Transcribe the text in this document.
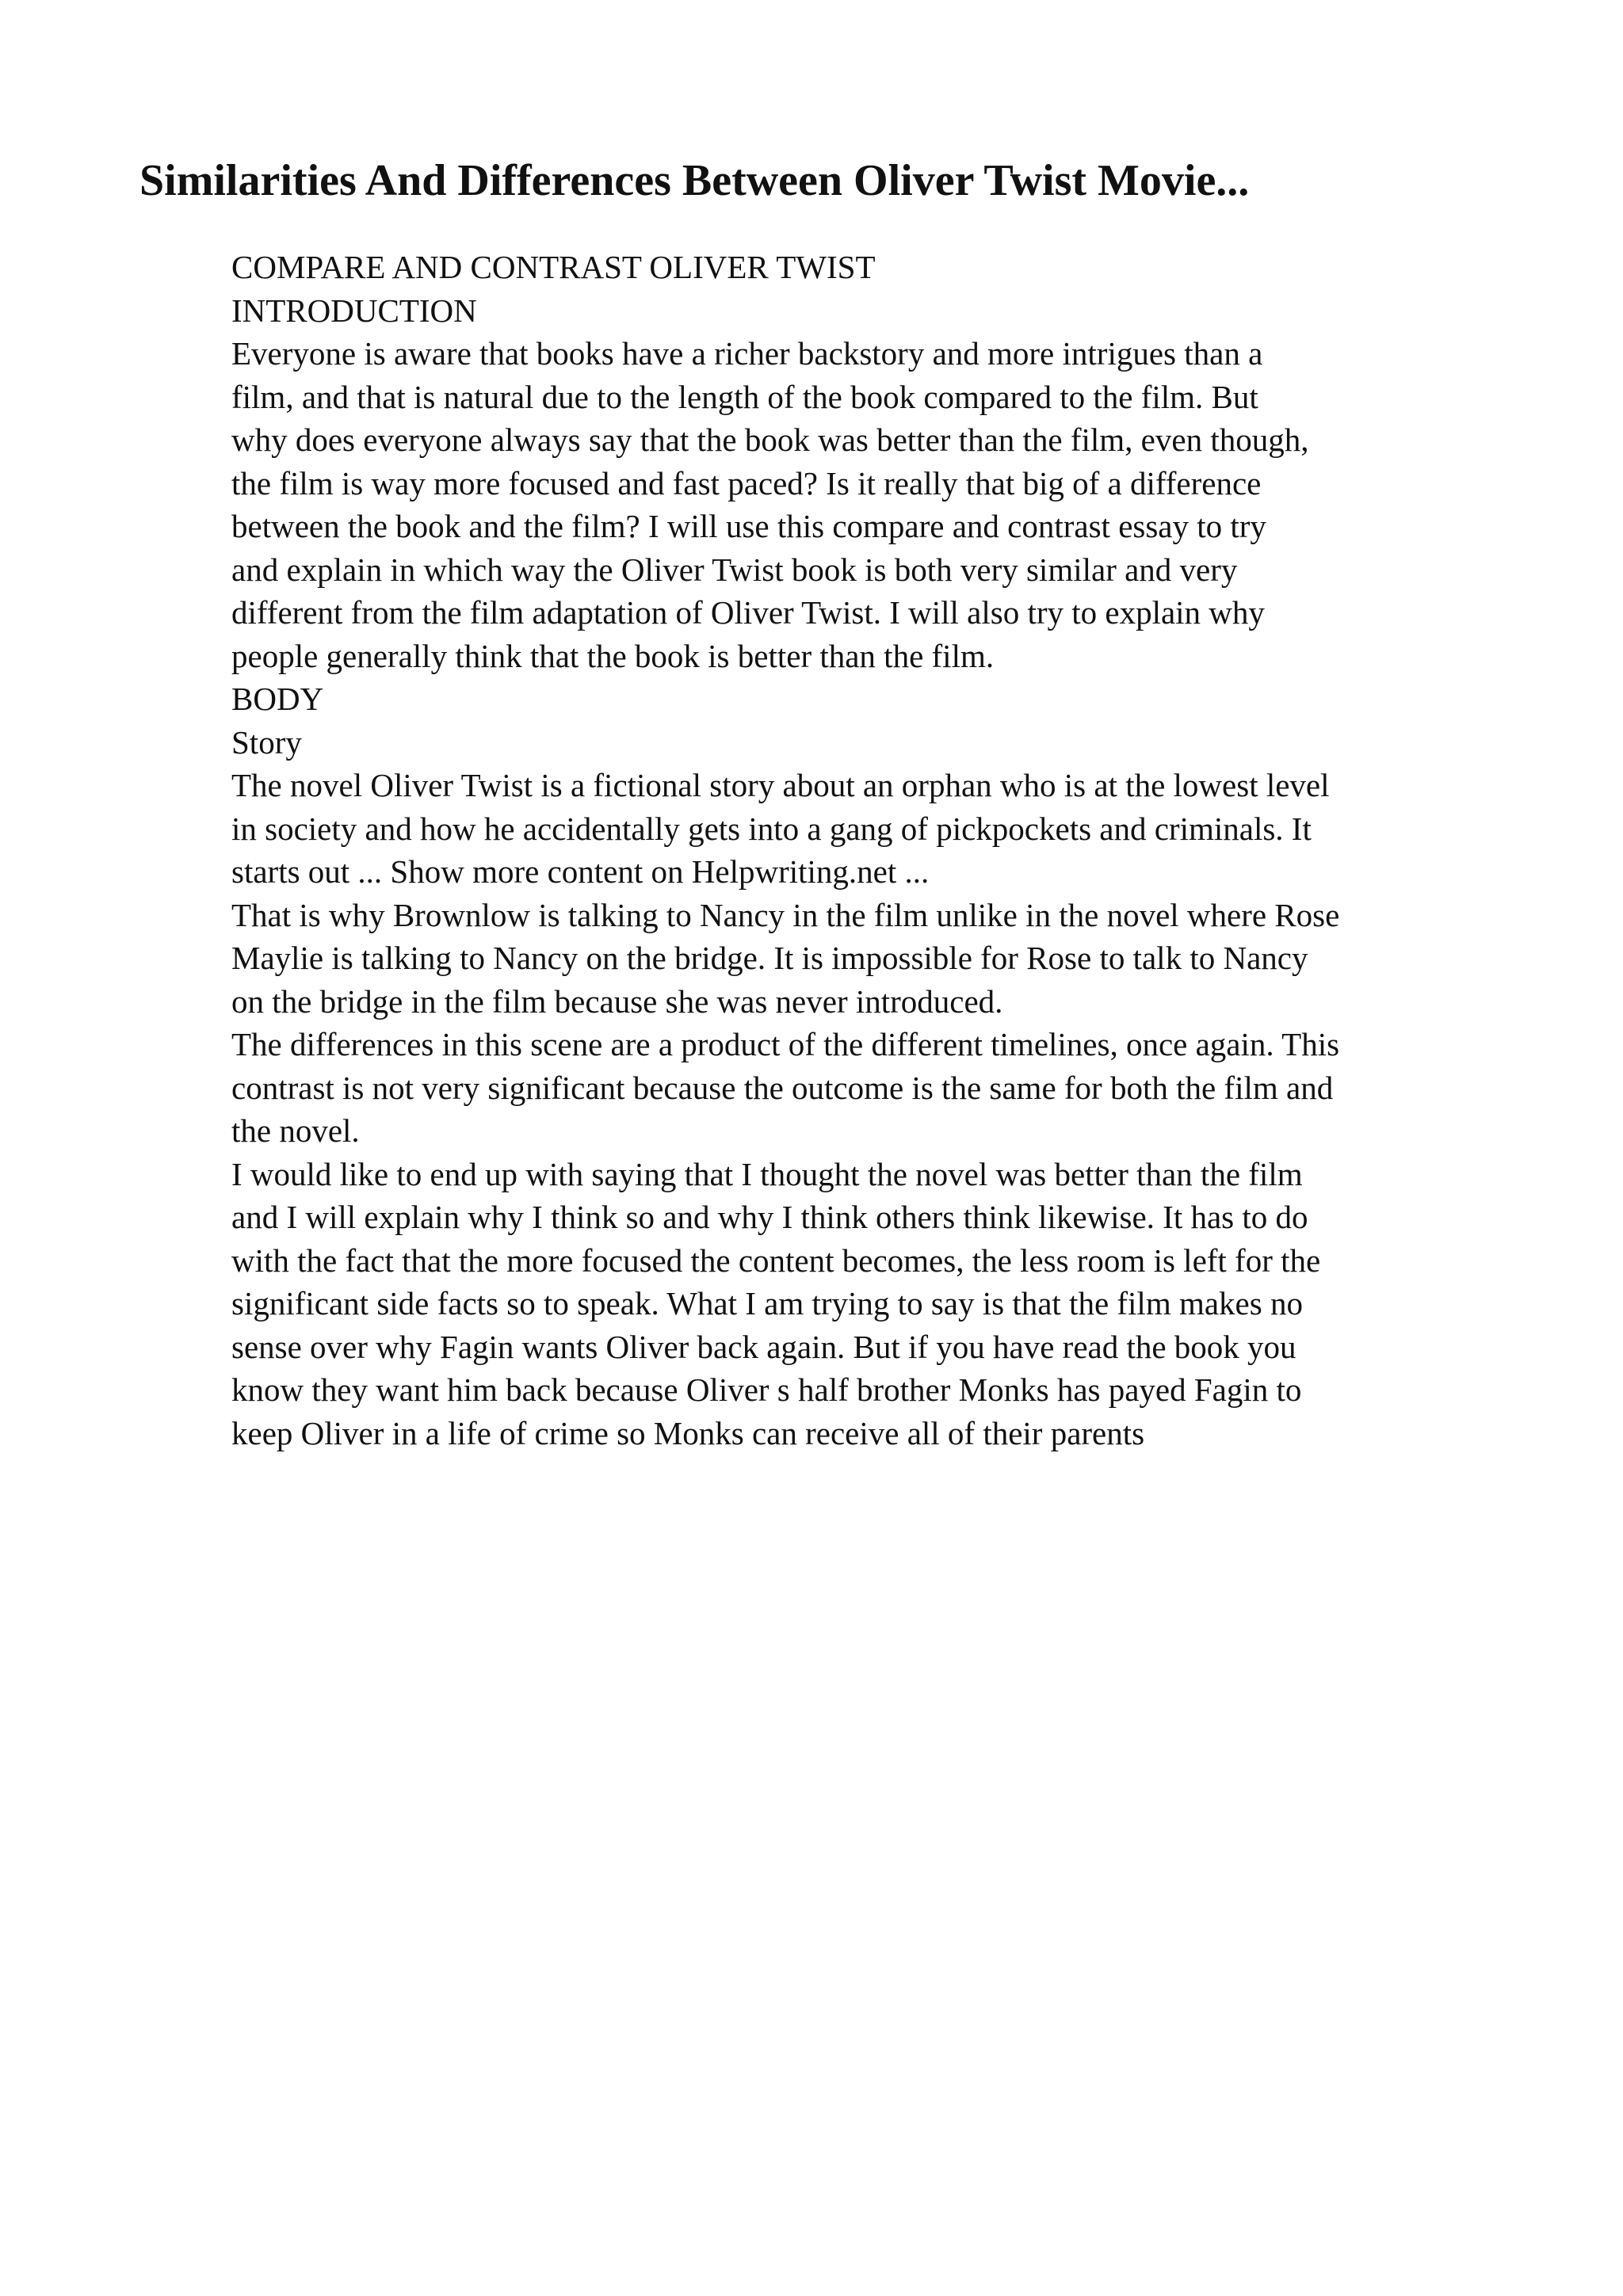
Similarities And Differences Between Oliver Twist Movie...
COMPARE AND CONTRAST OLIVER TWIST
INTRODUCTION
Everyone is aware that books have a richer backstory and more intrigues than a
film, and that is natural due to the length of the book compared to the film. But
why does everyone always say that the book was better than the film, even though,
the film is way more focused and fast paced? Is it really that big of a difference
between the book and the film? I will use this compare and contrast essay to try
and explain in which way the Oliver Twist book is both very similar and very
different from the film adaptation of Oliver Twist. I will also try to explain why
people generally think that the book is better than the film.
BODY
Story
The novel Oliver Twist is a fictional story about an orphan who is at the lowest level
in society and how he accidentally gets into a gang of pickpockets and criminals. It
starts out ... Show more content on Helpwriting.net ...
That is why Brownlow is talking to Nancy in the film unlike in the novel where Rose
Maylie is talking to Nancy on the bridge. It is impossible for Rose to talk to Nancy
on the bridge in the film because she was never introduced.
The differences in this scene are a product of the different timelines, once again. This
contrast is not very significant because the outcome is the same for both the film and
the novel.
I would like to end up with saying that I thought the novel was better than the film
and I will explain why I think so and why I think others think likewise. It has to do
with the fact that the more focused the content becomes, the less room is left for the
significant side facts so to speak. What I am trying to say is that the film makes no
sense over why Fagin wants Oliver back again. But if you have read the book you
know they want him back because Oliver s half brother Monks has payed Fagin to
keep Oliver in a life of crime so Monks can receive all of their parents
